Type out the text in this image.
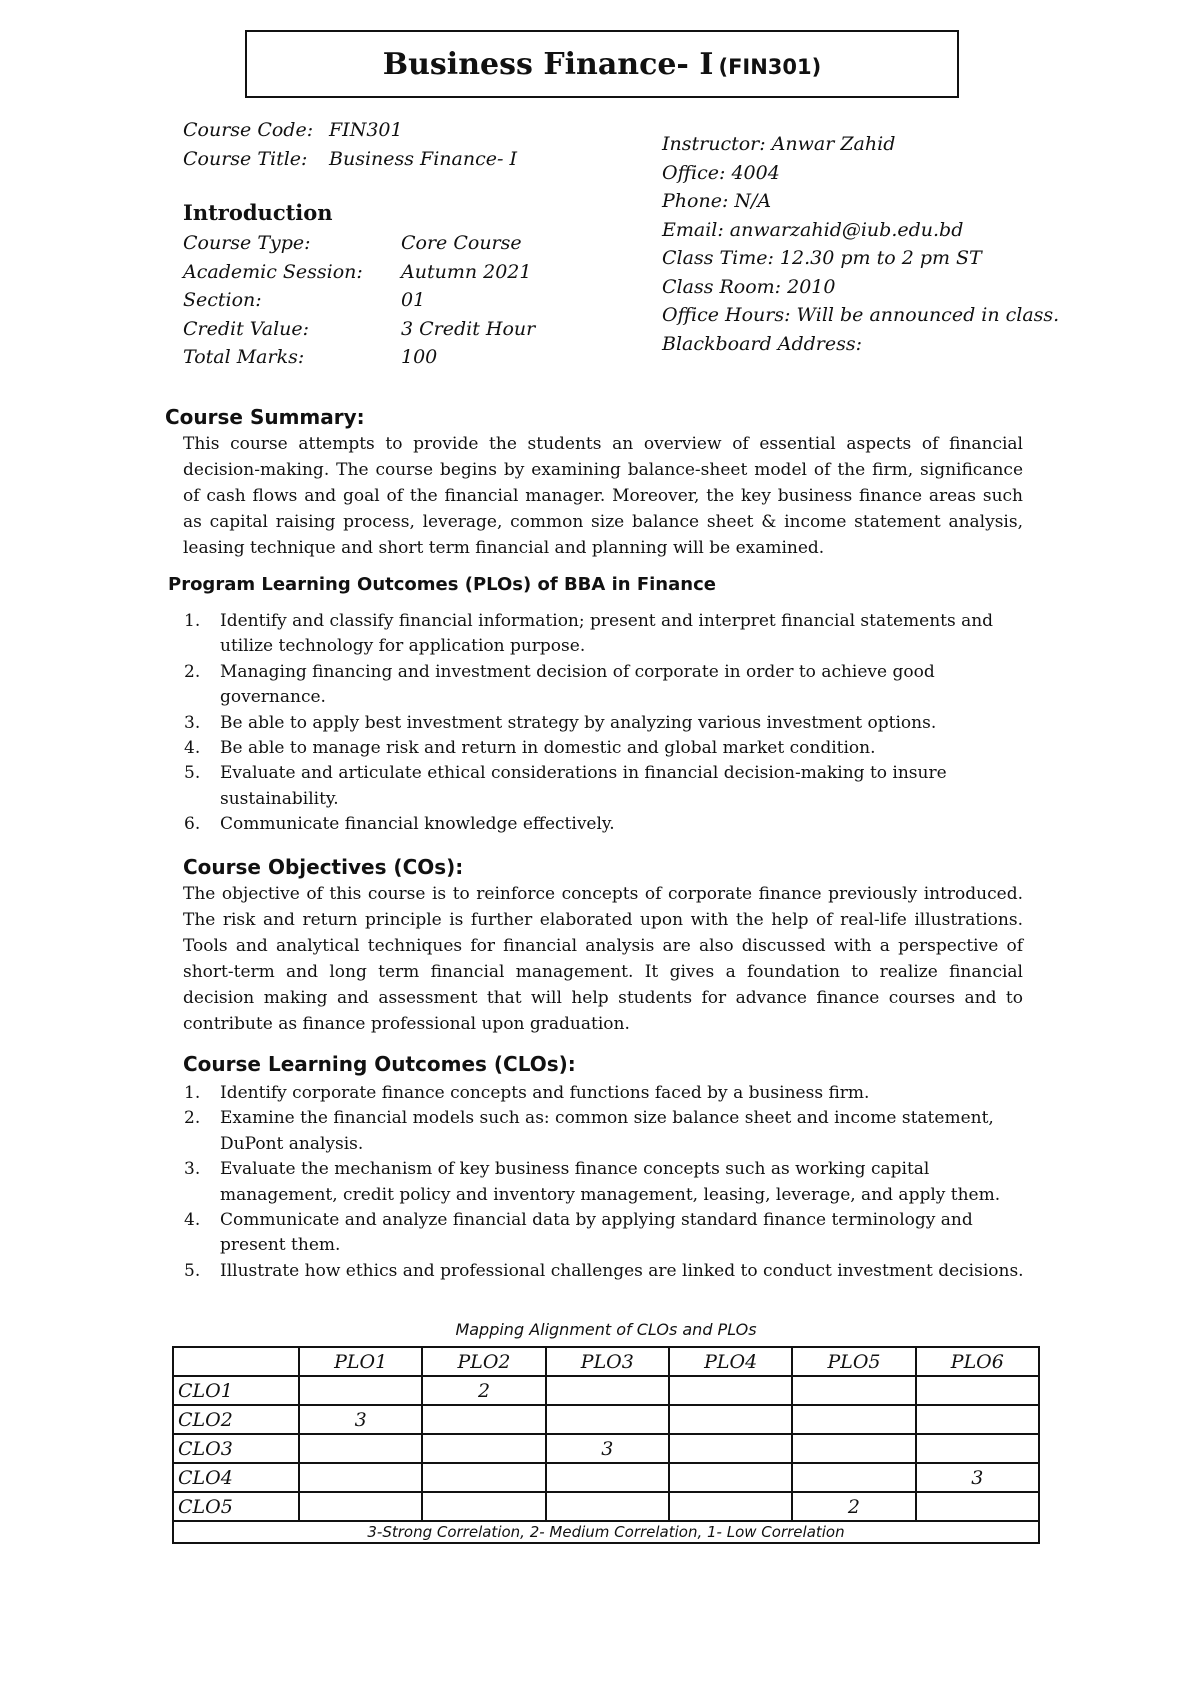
Business Finance- I (FIN301)
Course Code: FIN301
Course Title:	Business Finance- I
Introduction
Course Type:	Core Course
Academic Session:	Autumn 2021
Section:	01
Credit Value:	3 Credit Hour
Total Marks:	100
Instructor: Anwar Zahid
Office: 4004
Phone: N/A
Email: anwarzahid@iub.edu.bd
Class Time: 12.30 pm to 2 pm ST
Class Room: 2010
Office Hours: Will be announced in class.
Blackboard Address:
Course Summary:
This course attempts to provide the students an overview of essential aspects of financial decision-making. The course begins by examining balance-sheet model of the firm, significance of cash flows and goal of the financial manager. Moreover, the key business finance areas such as capital raising process, leverage, common size balance sheet & income statement analysis, leasing technique and short term financial and planning will be examined.
Program Learning Outcomes (PLOs) of BBA in Finance
1. Identify and classify financial information; present and interpret financial statements and utilize technology for application purpose.
2. Managing financing and investment decision of corporate in order to achieve good governance.
3. Be able to apply best investment strategy by analyzing various investment options.
4. Be able to manage risk and return in domestic and global market condition.
5. Evaluate and articulate ethical considerations in financial decision-making to insure sustainability.
6. Communicate financial knowledge effectively.
Course Objectives (COs):
The objective of this course is to reinforce concepts of corporate finance previously introduced. The risk and return principle is further elaborated upon with the help of real-life illustrations. Tools and analytical techniques for financial analysis are also discussed with a perspective of short-term and long term financial management. It gives a foundation to realize financial decision making and assessment that will help students for advance finance courses and to contribute as finance professional upon graduation.
Course Learning Outcomes (CLOs):
1. Identify corporate finance concepts and functions faced by a business firm.
2. Examine the financial models such as: common size balance sheet and income statement, DuPont analysis.
3. Evaluate the mechanism of key business finance concepts such as working capital management, credit policy and inventory management, leasing, leverage, and apply them.
4. Communicate and analyze financial data by applying standard finance terminology and present them.
5. Illustrate how ethics and professional challenges are linked to conduct investment decisions.
Mapping Alignment of CLOs and PLOs
	PLO1	PLO2	PLO3	PLO4	PLO5	PLO6
CLO1		2				
CLO2	3					
CLO3			3			
CLO4						3
CLO5					2	
3-Strong Correlation, 2- Medium Correlation, 1- Low Correlation						
